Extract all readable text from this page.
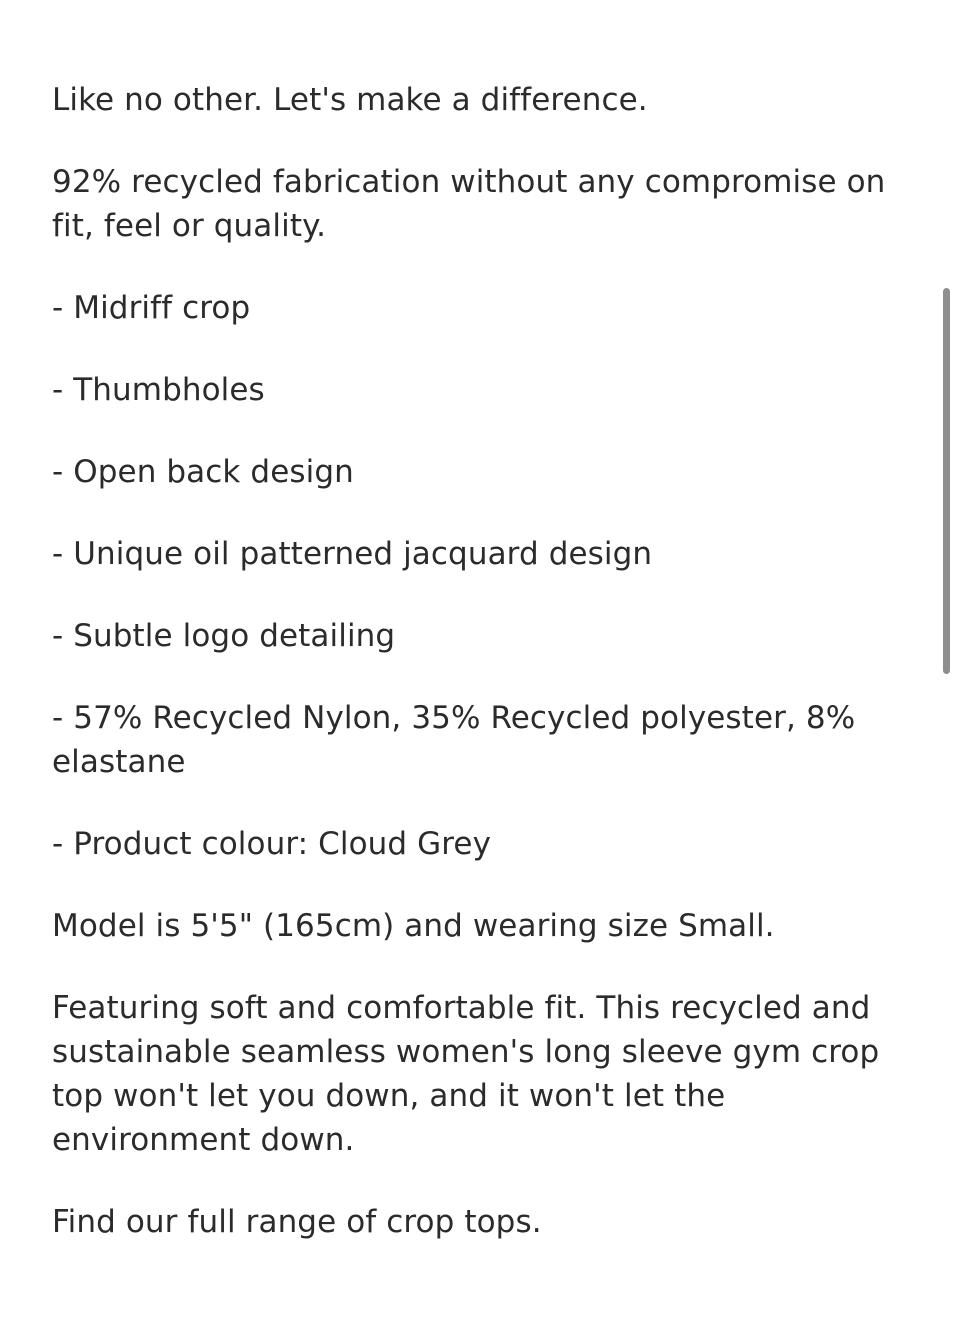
Like no other. Let's make a difference.

92% recycled fabrication without any compromise on fit, feel or quality.

- Midriff crop

- Thumbholes

- Open back design

- Unique oil patterned jacquard design

- Subtle logo detailing

- 57% Recycled Nylon, 35% Recycled polyester, 8% elastane

- Product colour: Cloud Grey

Model is 5'5" (165cm) and wearing size Small.

Featuring soft and comfortable fit. This recycled and sustainable seamless women's long sleeve gym crop top won't let you down, and it won't let the environment down.

Find our full range of crop tops.
